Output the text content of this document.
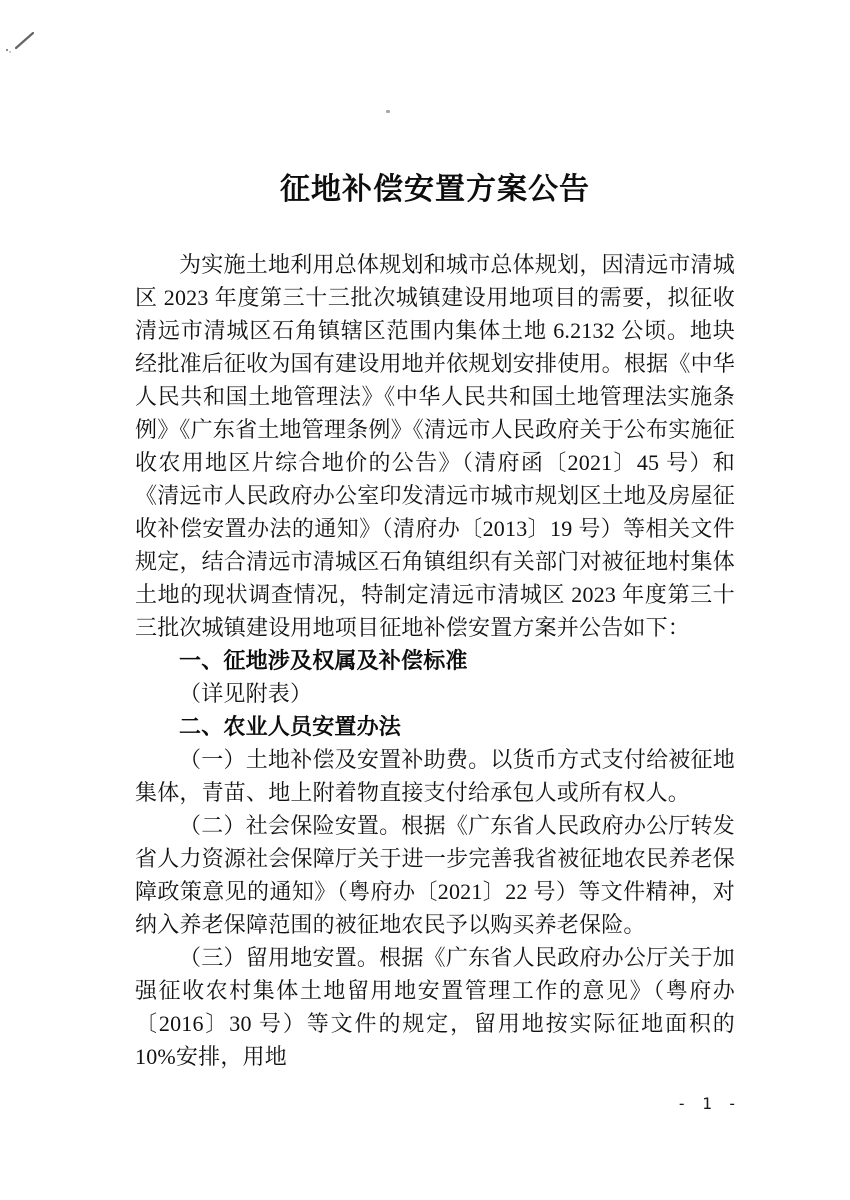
征地补偿安置方案公告

为实施土地利用总体规划和城市总体规划，因清远市清城区 2023 年度第三十三批次城镇建设用地项目的需要，拟征收清远市清城区石角镇辖区范围内集体土地 6.2132 公顷。地块经批准后征收为国有建设用地并依规划安排使用。根据《中华人民共和国土地管理法》《中华人民共和国土地管理法实施条例》《广东省土地管理条例》《清远市人民政府关于公布实施征收农用地区片综合地价的公告》（清府函〔2021〕45 号）和《清远市人民政府办公室印发清远市城市规划区土地及房屋征收补偿安置办法的通知》（清府办〔2013〕19 号）等相关文件规定，结合清远市清城区石角镇组织有关部门对被征地村集体土地的现状调查情况，特制定清远市清城区 2023 年度第三十三批次城镇建设用地项目征地补偿安置方案并公告如下：

一、征地涉及权属及补偿标准

（详见附表）

二、农业人员安置办法

（一）土地补偿及安置补助费。以货币方式支付给被征地集体，青苗、地上附着物直接支付给承包人或所有权人。

（二）社会保险安置。根据《广东省人民政府办公厅转发省人力资源社会保障厅关于进一步完善我省被征地农民养老保障政策意见的通知》（粤府办〔2021〕22 号）等文件精神，对纳入养老保障范围的被征地农民予以购买养老保险。

（三）留用地安置。根据《广东省人民政府办公厅关于加强征收农村集体土地留用地安置管理工作的意见》（粤府办〔2016〕30 号）等文件的规定，留用地按实际征地面积的 10%安排，用地

- 1 -
